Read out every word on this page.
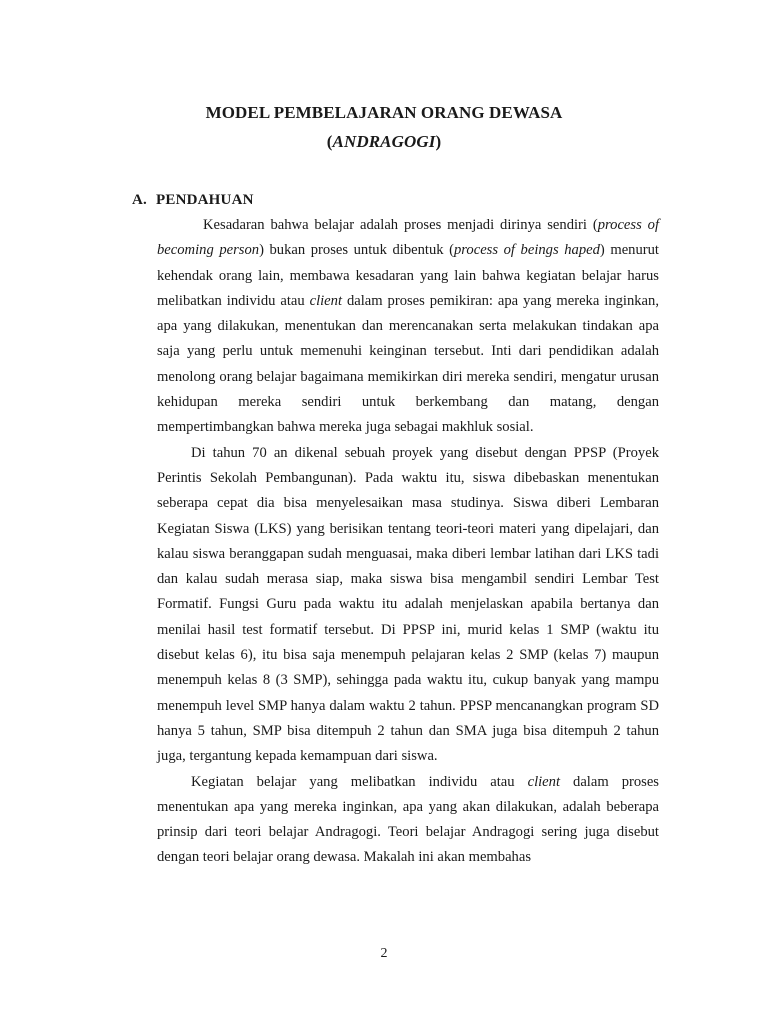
MODEL PEMBELAJARAN ORANG DEWASA
(ANDRAGOGI)
A. PENDAHUAN

Kesadaran bahwa belajar adalah proses menjadi dirinya sendiri (process of becoming person) bukan proses untuk dibentuk (process of beings haped) menurut kehendak orang lain, membawa kesadaran yang lain bahwa kegiatan belajar harus melibatkan individu atau client dalam proses pemikiran: apa yang mereka inginkan, apa yang dilakukan, menentukan dan merencanakan serta melakukan tindakan apa saja yang perlu untuk memenuhi keinginan tersebut. Inti dari pendidikan adalah menolong orang belajar bagaimana memikirkan diri mereka sendiri, mengatur urusan kehidupan mereka sendiri untuk berkembang dan matang, dengan mempertimbangkan bahwa mereka juga sebagai makhluk sosial.

Di tahun 70 an dikenal sebuah proyek yang disebut dengan PPSP (Proyek Perintis Sekolah Pembangunan). Pada waktu itu, siswa dibebaskan menentukan seberapa cepat dia bisa menyelesaikan masa studinya. Siswa diberi Lembaran Kegiatan Siswa (LKS) yang berisikan tentang teori-teori materi yang dipelajari, dan kalau siswa beranggapan sudah menguasai, maka diberi lembar latihan dari LKS tadi dan kalau sudah merasa siap, maka siswa bisa mengambil sendiri Lembar Test Formatif. Fungsi Guru pada waktu itu adalah menjelaskan apabila bertanya dan menilai hasil test formatif tersebut. Di PPSP ini, murid kelas 1 SMP (waktu itu disebut kelas 6), itu bisa saja menempuh pelajaran kelas 2 SMP (kelas 7) maupun menempuh kelas 8 (3 SMP), sehingga pada waktu itu, cukup banyak yang mampu menempuh level SMP hanya dalam waktu 2 tahun. PPSP mencanangkan program SD hanya 5 tahun, SMP bisa ditempuh 2 tahun dan SMA juga bisa ditempuh 2 tahun juga, tergantung kepada kemampuan dari siswa.

Kegiatan belajar yang melibatkan individu atau client dalam proses menentukan apa yang mereka inginkan, apa yang akan dilakukan, adalah beberapa prinsip dari teori belajar Andragogi. Teori belajar Andragogi sering juga disebut dengan teori belajar orang dewasa. Makalah ini akan membahas

2
